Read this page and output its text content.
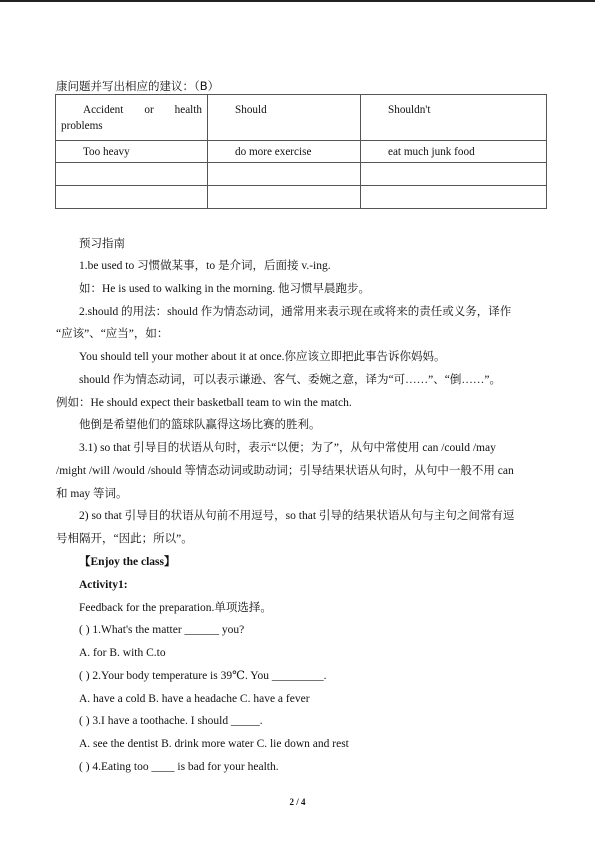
康问题并写出相应的建议：（B）
Accident or health
problems	Should	Shouldn't
Too heavy	do more exercise	eat much junk food

预习指南
1.be used to 习惯做某事，to 是介词，后面接 v.-ing.
如：He is used to walking in the morning. 他习惯早晨跑步。
2.should 的用法：should 作为情态动词，通常用来表示现在或将来的责任或义务，译作
“应该”、“应当”，如：
You should tell your mother about it at once.你应该立即把此事告诉你妈妈。
should 作为情态动词，可以表示谦逊、客气、委婉之意，译为“可……”、“倒……”。
例如：He should expect their basketball team to win the match.
他倒是希望他们的篮球队赢得这场比赛的胜利。
3.1) so that 引导目的状语从句时，表示“以便；为了”，从句中常使用 can /could /may
/might /will /would /should 等情态动词或助动词；引导结果状语从句时，从句中一般不用 can
和 may 等词。
2) so that 引导目的状语从句前不用逗号，so that 引导的结果状语从句与主句之间常有逗
号相隔开，“因此；所以”。
【Enjoy the class】
Activity1:
Feedback for the preparation.单项选择。
( ) 1.What's the matter ______ you?
A. for B. with C.to
( ) 2.Your body temperature is 39℃. You _________.
A. have a cold B. have a headache C. have a fever
( ) 3.I have a toothache. I should _____.
A. see the dentist B. drink more water C. lie down and rest
( ) 4.Eating too ____ is bad for your health.
2 / 4
